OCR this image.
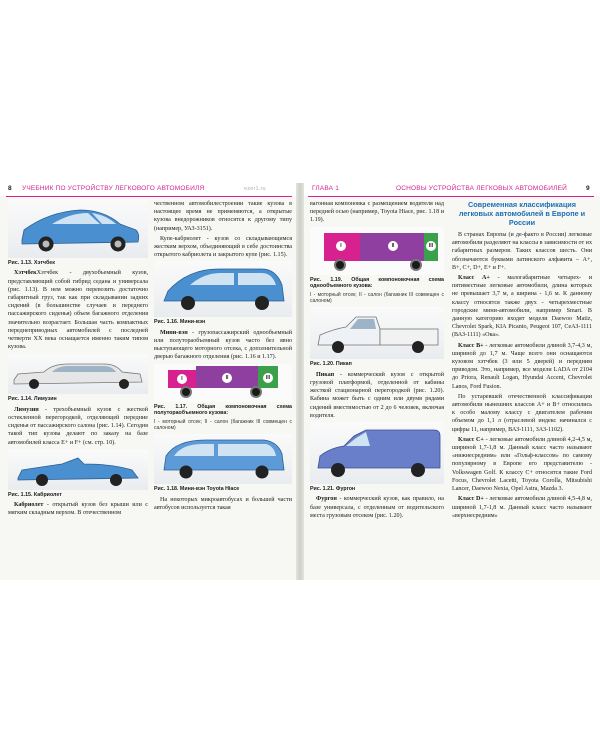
8 УЧЕБНИК ПО УСТРОЙСТВУ ЛЕГКОВОГО АВТОМОБИЛЯ	ezer1.ru	ГЛАВА 1	ОСНОВЫ УСТРОЙСТВА ЛЕГКОВЫХ АВТОМОБИЛЕЙ	9
Рис. 1.13. Хэтчбек

ХэтчбекХэтчбек - двухобъемный кузов, представляющий собой гибрид седана и универсала (рис. 1.13). В нем можно перевозить достаточно габаритный груз, так как при складывании задних сидений (в большинстве случаев и переднего пассажирского сиденья) объем багажного отделения значительно возрастает. Большая часть компактных переднеприводных автомобилей с последней четверти XX века оснащается именно таким типом кузова.

Рис. 1.14. Лимузин

Лимузин - трехобъемный кузов с жесткой остекленной перегородкой, отделяющей передние сиденья от пассажирского салона (рис. 1.14). Сегодня такой тип кузова делают по заказу на базе автомобилей класса E+ и F+ (см. стр. 10).

Рис. 1.15. Кабриолет

Кабриолет - открытый кузов без крыши или с мягким складным верхом. В отечественном

чественном автомобилестроении такие кузова в настоящее время не применяются, а открытые кузова внедорожников относятся к другому типу (например, УАЗ-3151).

Купе-кабриолет - кузов со складывающимся жестким верхом, объединяющий в себе достоинства открытого кабриолета и закрытого купе (рис. 1.15).

Рис. 1.16. Мини-вэн

Мини-вэн - грузопассажирский однообъемный или полуторaобъемный кузов часто без явно выступающего моторного отсека, с дополнительной дверью багажного отделения (рис. 1.16 и 1.17).

I	II	III
Рис. 1.17. Общая компоновочная схема полуторaобъемного кузова:
I - моторный отсек; II - салон (багажник III совмещен с салоном)
Рис. 1.18. Мини-вэн Toyota Hiace

На некоторых микроавтобусах и большей части автобусов используется такая

вагонная компоновка с размещением водителя над передней осью (например, Toyota Hiace, рис. 1.18 и 1.19).

I	II	III
Рис. 1.19. Общая компоновочная схема однообъемного кузова:
I - моторный отсек; II - салон (багажник III совмещен с салоном)
Рис. 1.20. Пикап

Пикап - коммерческий кузов с открытой грузовой платформой, отделенной от кабины жесткой стационарной перегородкой (рис. 1.20). Кабина может быть с одним или двумя рядами сидений вместимостью от 2 до 6 человек, включая водителя.

Рис. 1.21. Фургон

Фургон - коммерческий кузов, как правило, на базе универсала, с отделенным от водительского места грузовым отсеком (рис. 1.20).

Современная классификация легковых автомобилей в Европе и России

В странах Европы (и де-факто в России) легковые автомобили разделяют на классы в зависимости от их габаритных размеров. Таких классов шесть. Они обозначаются буквами латинского алфавита – A+, B+, C+, D+, E+ и F+.

Класс A+ - малогабаритные четырех- и пятиместные легковые автомобили, длина которых не превышает 3,7 м, а ширина - 1,6 м. К данному классу относятся также двух - четырехместные городские мини-автомобили, например Smart. В данную категорию входят модели Daewoo Matiz, Chevrolet Spark, KIA Picanto, Peugeot 107, СеАЗ-1111 (ВАЗ-1111) «Ока».

Класс B+ - легковые автомобили длиной 3,7-4,3 м, шириной до 1,7 м. Чаще всего они оснащаются кузовом хэтчбек (3 или 5 дверей) и передним приводом. Это, например, все модели LADA от 2104 до Priora, Renault Logan, Hyundai Accent, Chevrolet Lanos, Ford Fusion.

По устаревшей отечественной классификации автомобили нынешних классов A+ и B+ относились к особо малому классу с двигателем рабочим объемом до 1,1 л (отраслевой индекс начинался с цифры 11, например, ВАЗ-1111, ЗАЗ-1102).

Класс C+ - легковые автомобили длиной 4,2-4,5 м, шириной 1,7-1,8 м. Данный класс часто называют «нижнесредним» или «Гольф-классом» по самому популярному в Европе его представителю - Volkswagen Golf. К классу C+ относятся такие Ford Focus, Chevrolet Lacetti, Toyota Corolla, Mitsubishi Lancer, Daewoo Nexia, Opel Astra, Mazda 3.

Класс D+ - легковые автомобили длиной 4,5-4,8 м, шириной 1,7-1,8 м. Данный класс часто называют «верхнесредним»
